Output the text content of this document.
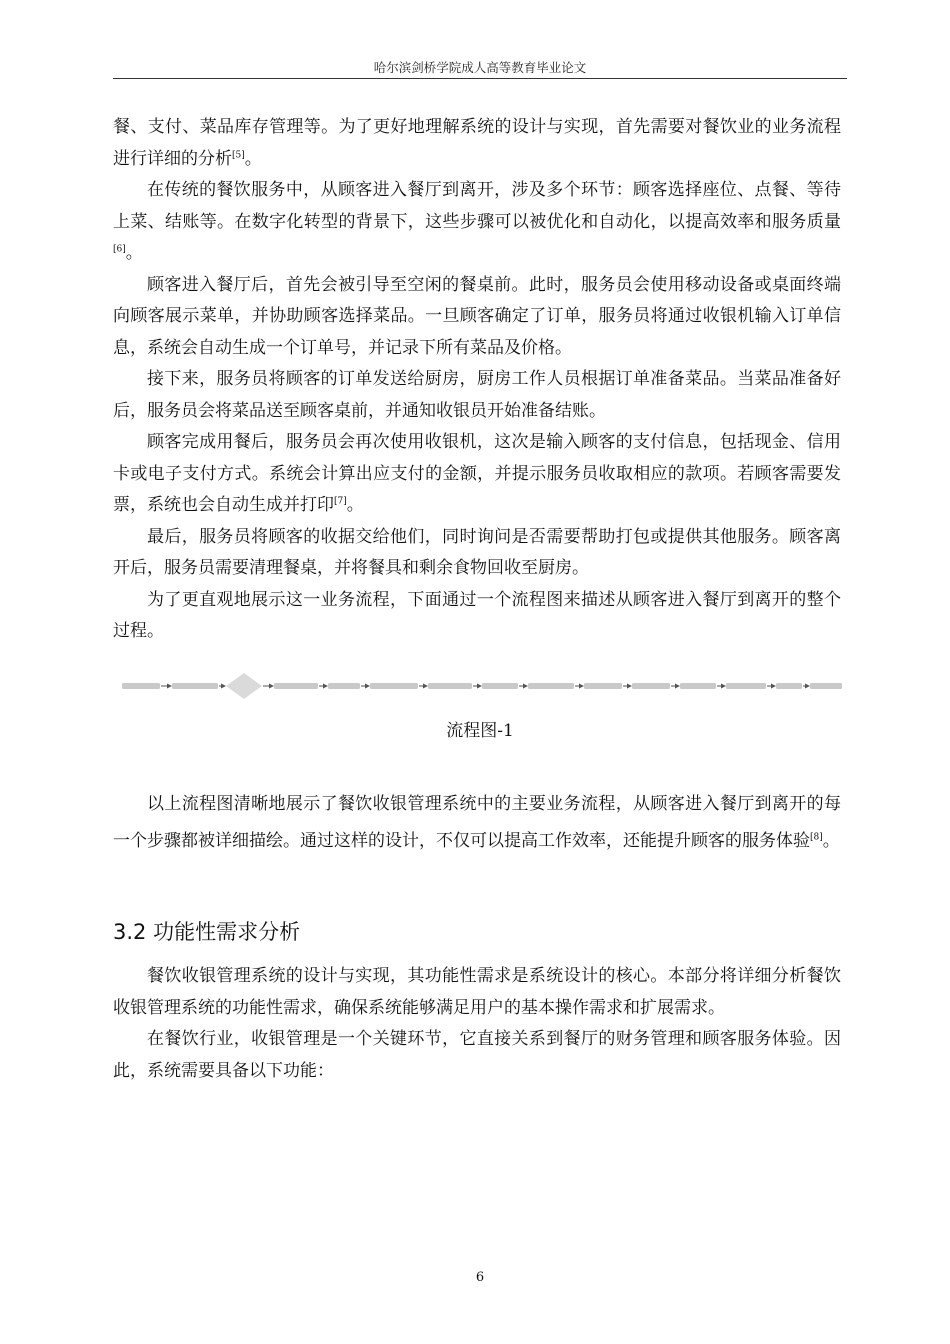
哈尔滨剑桥学院成人高等教育毕业论文

餐、支付、菜品库存管理等。为了更好地理解系统的设计与实现，首先需要对餐饮业的业务流程进行详细的分析[5]。

在传统的餐饮服务中，从顾客进入餐厅到离开，涉及多个环节：顾客选择座位、点餐、等待上菜、结账等。在数字化转型的背景下，这些步骤可以被优化和自动化，以提高效率和服务质量[6]。

顾客进入餐厅后，首先会被引导至空闲的餐桌前。此时，服务员会使用移动设备或桌面终端向顾客展示菜单，并协助顾客选择菜品。一旦顾客确定了订单，服务员将通过收银机输入订单信息，系统会自动生成一个订单号，并记录下所有菜品及价格。

接下来，服务员将顾客的订单发送给厨房，厨房工作人员根据订单准备菜品。当菜品准备好后，服务员会将菜品送至顾客桌前，并通知收银员开始准备结账。

顾客完成用餐后，服务员会再次使用收银机，这次是输入顾客的支付信息，包括现金、信用卡或电子支付方式。系统会计算出应支付的金额，并提示服务员收取相应的款项。若顾客需要发票，系统也会自动生成并打印[7]。

最后，服务员将顾客的收据交给他们，同时询问是否需要帮助打包或提供其他服务。顾客离开后，服务员需要清理餐桌，并将餐具和剩余食物回收至厨房。

为了更直观地展示这一业务流程，下面通过一个流程图来描述从顾客进入餐厅到离开的整个过程。

流程图-1

以上流程图清晰地展示了餐饮收银管理系统中的主要业务流程，从顾客进入餐厅到离开的每一个步骤都被详细描绘。通过这样的设计，不仅可以提高工作效率，还能提升顾客的服务体验[8]。

3.2 功能性需求分析

餐饮收银管理系统的设计与实现，其功能性需求是系统设计的核心。本部分将详细分析餐饮收银管理系统的功能性需求，确保系统能够满足用户的基本操作需求和扩展需求。

在餐饮行业，收银管理是一个关键环节，它直接关系到餐厅的财务管理和顾客服务体验。因此，系统需要具备以下功能：

6
